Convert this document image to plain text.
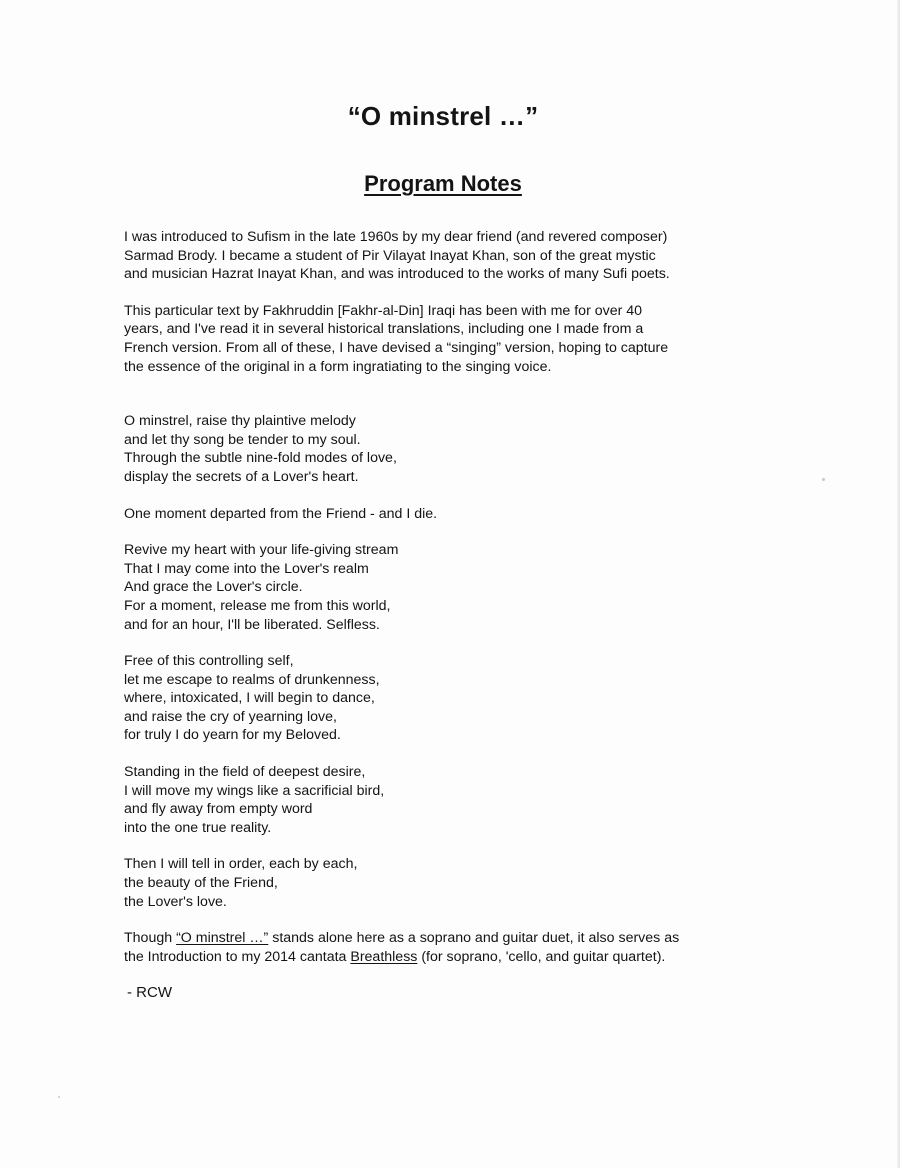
“O minstrel …”
Program Notes

I was introduced to Sufism in the late 1960s by my dear friend (and revered composer)
Sarmad Brody. I became a student of Pir Vilayat Inayat Khan, son of the great mystic
and musician Hazrat Inayat Khan, and was introduced to the works of many Sufi poets.

This particular text by Fakhruddin [Fakhr-al-Din] Iraqi has been with me for over 40
years, and I've read it in several historical translations, including one I made from a
French version. From all of these, I have devised a “singing” version, hoping to capture
the essence of the original in a form ingratiating to the singing voice.

O minstrel, raise thy plaintive melody
and let thy song be tender to my soul.
Through the subtle nine-fold modes of love,
display the secrets of a Lover's heart.

One moment departed from the Friend - and I die.

Revive my heart with your life-giving stream
That I may come into the Lover's realm
And grace the Lover's circle.
For a moment, release me from this world,
and for an hour, I'll be liberated. Selfless.

Free of this controlling self,
let me escape to realms of drunkenness,
where, intoxicated, I will begin to dance,
and raise the cry of yearning love,
for truly I do yearn for my Beloved.

Standing in the field of deepest desire,
I will move my wings like a sacrificial bird,
and fly away from empty word
into the one true reality.

Then I will tell in order, each by each,
the beauty of the Friend,
the Lover's love.

Though “O minstrel …” stands alone here as a soprano and guitar duet, it also serves as
the Introduction to my 2014 cantata Breathless (for soprano, 'cello, and guitar quartet).

- RCW
